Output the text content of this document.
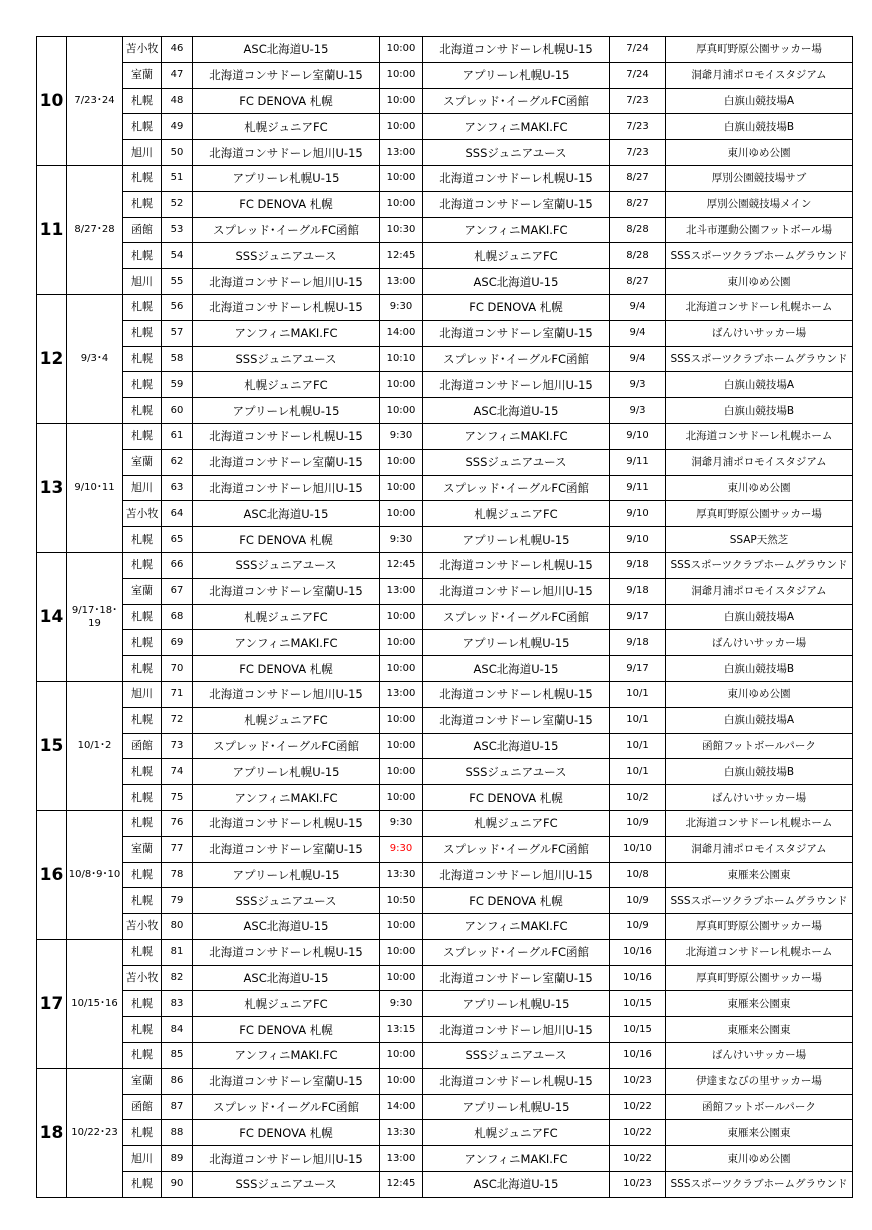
10	7/23･24	苫小牧	46	ASC北海道U-15	10:00	北海道コンサドーレ札幌U-15	7/24	厚真町野原公園サッカー場
		室蘭	47	北海道コンサドーレ室蘭U-15	10:00	アプリーレ札幌U-15	7/24	洞爺月浦ポロモイスタジアム
		札幌	48	FC DENOVA 札幌	10:00	スプレッド･イーグルFC函館	7/23	白旗山競技場A
		札幌	49	札幌ジュニアFC	10:00	アンフィニMAKI.FC	7/23	白旗山競技場B
		旭川	50	北海道コンサドーレ旭川U-15	13:00	SSSジュニアユース	7/23	東川ゆめ公園
11	8/27･28	札幌	51	アプリーレ札幌U-15	10:00	北海道コンサドーレ札幌U-15	8/27	厚別公園競技場サブ
		札幌	52	FC DENOVA 札幌	10:00	北海道コンサドーレ室蘭U-15	8/27	厚別公園競技場メイン
		函館	53	スプレッド･イーグルFC函館	10:30	アンフィニMAKI.FC	8/28	北斗市運動公園フットボール場
		札幌	54	SSSジュニアユース	12:45	札幌ジュニアFC	8/28	SSSスポーツクラブホームグラウンド
		旭川	55	北海道コンサドーレ旭川U-15	13:00	ASC北海道U-15	8/27	東川ゆめ公園
12	9/3･4	札幌	56	北海道コンサドーレ札幌U-15	9:30	FC DENOVA 札幌	9/4	北海道コンサドーレ札幌ホーム
		札幌	57	アンフィニMAKI.FC	14:00	北海道コンサドーレ室蘭U-15	9/4	ばんけいサッカー場
		札幌	58	SSSジュニアユース	10:10	スプレッド･イーグルFC函館	9/4	SSSスポーツクラブホームグラウンド
		札幌	59	札幌ジュニアFC	10:00	北海道コンサドーレ旭川U-15	9/3	白旗山競技場A
		札幌	60	アプリーレ札幌U-15	10:00	ASC北海道U-15	9/3	白旗山競技場B
13	9/10･11	札幌	61	北海道コンサドーレ札幌U-15	9:30	アンフィニMAKI.FC	9/10	北海道コンサドーレ札幌ホーム
		室蘭	62	北海道コンサドーレ室蘭U-15	10:00	SSSジュニアユース	9/11	洞爺月浦ポロモイスタジアム
		旭川	63	北海道コンサドーレ旭川U-15	10:00	スプレッド･イーグルFC函館	9/11	東川ゆめ公園
		苫小牧	64	ASC北海道U-15	10:00	札幌ジュニアFC	9/10	厚真町野原公園サッカー場
		札幌	65	FC DENOVA 札幌	9:30	アプリーレ札幌U-15	9/10	SSAP天然芝
14	9/17･18･19	札幌	66	SSSジュニアユース	12:45	北海道コンサドーレ札幌U-15	9/18	SSSスポーツクラブホームグラウンド
		室蘭	67	北海道コンサドーレ室蘭U-15	13:00	北海道コンサドーレ旭川U-15	9/18	洞爺月浦ポロモイスタジアム
		札幌	68	札幌ジュニアFC	10:00	スプレッド･イーグルFC函館	9/17	白旗山競技場A
		札幌	69	アンフィニMAKI.FC	10:00	アプリーレ札幌U-15	9/18	ばんけいサッカー場
		札幌	70	FC DENOVA 札幌	10:00	ASC北海道U-15	9/17	白旗山競技場B
15	10/1･2	旭川	71	北海道コンサドーレ旭川U-15	13:00	北海道コンサドーレ札幌U-15	10/1	東川ゆめ公園
		札幌	72	札幌ジュニアFC	10:00	北海道コンサドーレ室蘭U-15	10/1	白旗山競技場A
		函館	73	スプレッド･イーグルFC函館	10:00	ASC北海道U-15	10/1	函館フットボールパーク
		札幌	74	アプリーレ札幌U-15	10:00	SSSジュニアユース	10/1	白旗山競技場B
		札幌	75	アンフィニMAKI.FC	10:00	FC DENOVA 札幌	10/2	ばんけいサッカー場
16	10/8･9･10	札幌	76	北海道コンサドーレ札幌U-15	9:30	札幌ジュニアFC	10/9	北海道コンサドーレ札幌ホーム
		室蘭	77	北海道コンサドーレ室蘭U-15	9:30	スプレッド･イーグルFC函館	10/10	洞爺月浦ポロモイスタジアム
		札幌	78	アプリーレ札幌U-15	13:30	北海道コンサドーレ旭川U-15	10/8	東雁来公園東
		札幌	79	SSSジュニアユース	10:50	FC DENOVA 札幌	10/9	SSSスポーツクラブホームグラウンド
		苫小牧	80	ASC北海道U-15	10:00	アンフィニMAKI.FC	10/9	厚真町野原公園サッカー場
17	10/15･16	札幌	81	北海道コンサドーレ札幌U-15	10:00	スプレッド･イーグルFC函館	10/16	北海道コンサドーレ札幌ホーム
		苫小牧	82	ASC北海道U-15	10:00	北海道コンサドーレ室蘭U-15	10/16	厚真町野原公園サッカー場
		札幌	83	札幌ジュニアFC	9:30	アプリーレ札幌U-15	10/15	東雁来公園東
		札幌	84	FC DENOVA 札幌	13:15	北海道コンサドーレ旭川U-15	10/15	東雁来公園東
		札幌	85	アンフィニMAKI.FC	10:00	SSSジュニアユース	10/16	ばんけいサッカー場
18	10/22･23	室蘭	86	北海道コンサドーレ室蘭U-15	10:00	北海道コンサドーレ札幌U-15	10/23	伊達まなびの里サッカー場
		函館	87	スプレッド･イーグルFC函館	14:00	アプリーレ札幌U-15	10/22	函館フットボールパーク
		札幌	88	FC DENOVA 札幌	13:30	札幌ジュニアFC	10/22	東雁来公園東
		旭川	89	北海道コンサドーレ旭川U-15	13:00	アンフィニMAKI.FC	10/22	東川ゆめ公園
		札幌	90	SSSジュニアユース	12:45	ASC北海道U-15	10/23	SSSスポーツクラブホームグラウンド
